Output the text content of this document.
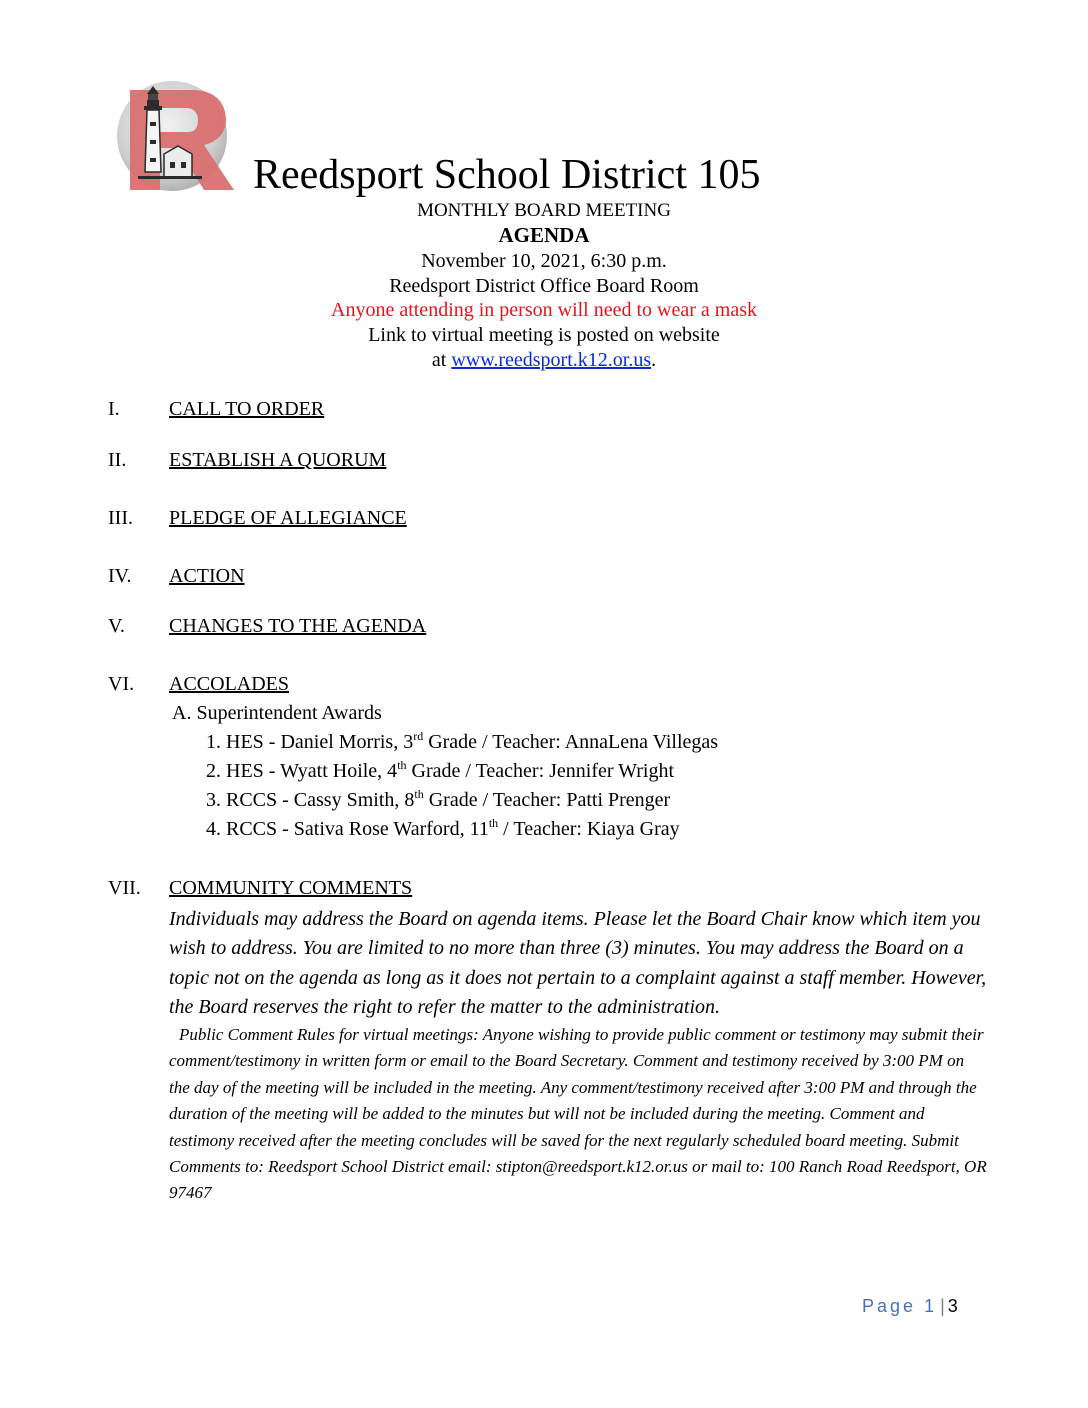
Reedsport School District 105
MONTHLY BOARD MEETING
AGENDA
November 10, 2021, 6:30 p.m.
Reedsport District Office Board Room
Anyone attending in person will need to wear a mask
Link to virtual meeting is posted on website
at www.reedsport.k12.or.us.
I. CALL TO ORDER
II. ESTABLISH A QUORUM
III. PLEDGE OF ALLEGIANCE
IV. ACTION
V. CHANGES TO THE AGENDA
VI. ACCOLADES
A. Superintendent Awards
1. HES - Daniel Morris, 3rd Grade / Teacher: AnnaLena Villegas
2. HES - Wyatt Hoile, 4th Grade / Teacher: Jennifer Wright
3. RCCS - Cassy Smith, 8th Grade / Teacher: Patti Prenger
4. RCCS - Sativa Rose Warford, 11th / Teacher: Kiaya Gray
VII. COMMUNITY COMMENTS
Individuals may address the Board on agenda items. Please let the Board Chair know which item you wish to address. You are limited to no more than three (3) minutes. You may address the Board on a topic not on the agenda as long as it does not pertain to a complaint against a staff member. However, the Board reserves the right to refer the matter to the administration.
Public Comment Rules for virtual meetings: Anyone wishing to provide public comment or testimony may submit their comment/testimony in written form or email to the Board Secretary. Comment and testimony received by 3:00 PM on the day of the meeting will be included in the meeting. Any comment/testimony received after 3:00 PM and through the duration of the meeting will be added to the minutes but will not be included during the meeting. Comment and testimony received after the meeting concludes will be saved for the next regularly scheduled board meeting. Submit Comments to: Reedsport School District email: stipton@reedsport.k12.or.us or mail to: 100 Ranch Road Reedsport, OR 97467
Page 1 | 3
